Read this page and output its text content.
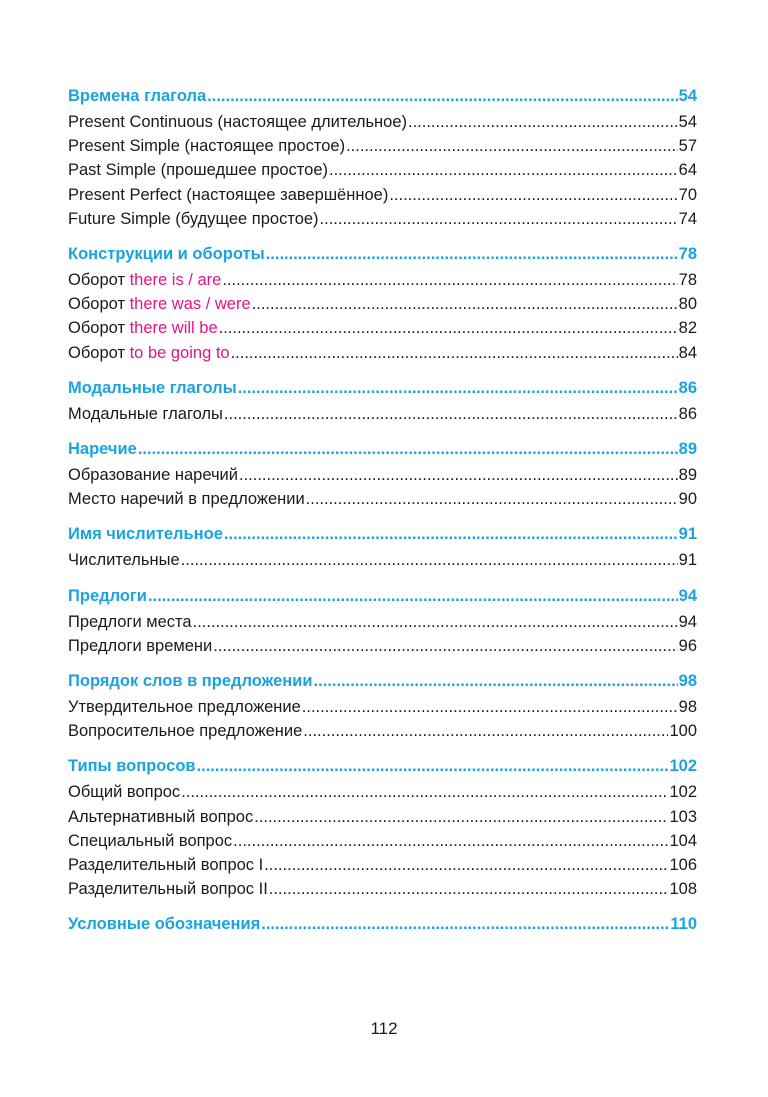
Времена глагола .....	54
Present Continuous (настоящее длительное) .....	54
Present Simple (настоящее простое) .....	57
Past Simple (прошедшее простое) .....	64
Present Perfect (настоящее завершённое) .....	70
Future Simple (будущее простое) .....	74
Конструкции и обороты .....	78
Оборот there is / are .....	78
Оборот there was / were .....	80
Оборот there will be .....	82
Оборот to be going to .....	84
Модальные глаголы .....	86
Модальные глаголы .....	86
Наречие .....	89
Образование наречий .....	89
Место наречий в предложении .....	90
Имя числительное .....	91
Числительные .....	91
Предлоги .....	94
Предлоги места .....	94
Предлоги времени .....	96
Порядок слов в предложении .....	98
Утвердительное предложение .....	98
Вопросительное предложение .....	100
Типы вопросов .....	102
Общий вопрос .....	102
Альтернативный вопрос .....	103
Специальный вопрос .....	104
Разделительный вопрос I .....	106
Разделительный вопрос II .....	108
Условные обозначения .....	110
112
